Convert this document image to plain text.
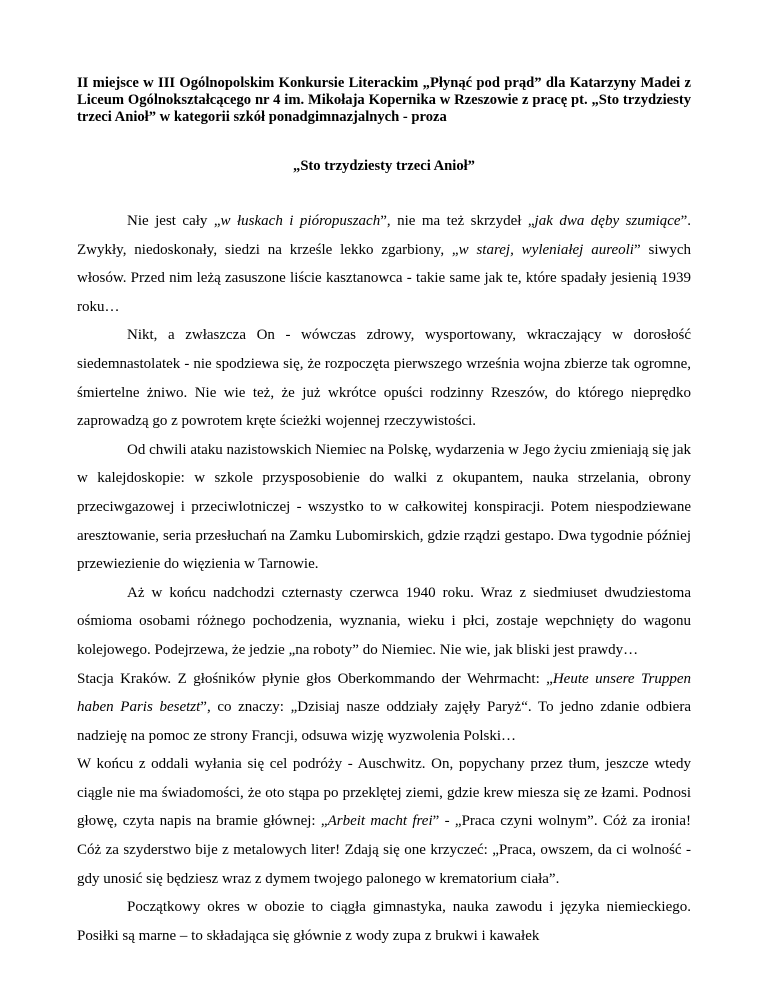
II miejsce w III Ogólnopolskim Konkursie Literackim „Płynąć pod prąd” dla Katarzyny Madei z Liceum Ogólnokształcącego nr 4 im. Mikołaja Kopernika w Rzeszowie z pracę pt. „Sto trzydziesty trzeci Anioł” w kategorii szkół ponadgimnazjalnych - proza

„Sto trzydziesty trzeci Anioł”

Nie jest cały „w łuskach i pióropuszach”, nie ma też skrzydeł „jak dwa dęby szumiące”. Zwykły, niedoskonały, siedzi na krześle lekko zgarbiony, „w starej, wyleniałej aureoli” siwych włosów. Przed nim leżą zasuszone liście kasztanowca - takie same jak te, które spadały jesienią 1939 roku…

Nikt, a zwłaszcza On - wówczas zdrowy, wysportowany, wkraczający w dorosłość siedemnastolatek - nie spodziewa się, że rozpoczęta pierwszego września wojna zbierze tak ogromne, śmiertelne żniwo. Nie wie też, że już wkrótce opuści rodzinny Rzeszów, do którego nieprędko zaprowadzą go z powrotem kręte ścieżki wojennej rzeczywistości.

Od chwili ataku nazistowskich Niemiec na Polskę, wydarzenia w Jego życiu zmieniają się jak w kalejdoskopie: w szkole przysposobienie do walki z okupantem, nauka strzelania, obrony przeciwgazowej i przeciwlotniczej - wszystko to w całkowitej konspiracji. Potem niespodziewane aresztowanie, seria przesłuchań na Zamku Lubomirskich, gdzie rządzi gestapo. Dwa tygodnie później przewiezienie do więzienia w Tarnowie.

Aż w końcu nadchodzi czternasty czerwca 1940 roku. Wraz z siedmiuset dwudziestoma ośmioma osobami różnego pochodzenia, wyznania, wieku i płci, zostaje wepchnięty do wagonu kolejowego. Podejrzewa, że jedzie „na roboty” do Niemiec. Nie wie, jak bliski jest prawdy…

Stacja Kraków. Z głośników płynie głos Oberkommando der Wehrmacht: „Heute unsere Truppen haben Paris besetzt”, co znaczy: „Dzisiaj nasze oddziały zajęły Paryż“. To jedno zdanie odbiera nadzieję na pomoc ze strony Francji, odsuwa wizję wyzwolenia Polski…

W końcu z oddali wyłania się cel podróży - Auschwitz. On, popychany przez tłum, jeszcze wtedy ciągle nie ma świadomości, że oto stąpa po przeklętej ziemi, gdzie krew miesza się ze łzami. Podnosi głowę, czyta napis na bramie głównej: „Arbeit macht frei” - „Praca czyni wolnym”. Cóż za ironia! Cóż za szyderstwo bije z metalowych liter! Zdają się one krzyczeć: „Praca, owszem, da ci wolność - gdy unosić się będziesz wraz z dymem twojego palonego w krematorium ciała”.

Początkowy okres w obozie to ciągła gimnastyka, nauka zawodu i języka niemieckiego. Posiłki są marne – to składająca się głównie z wody zupa z brukwi i kawałek
